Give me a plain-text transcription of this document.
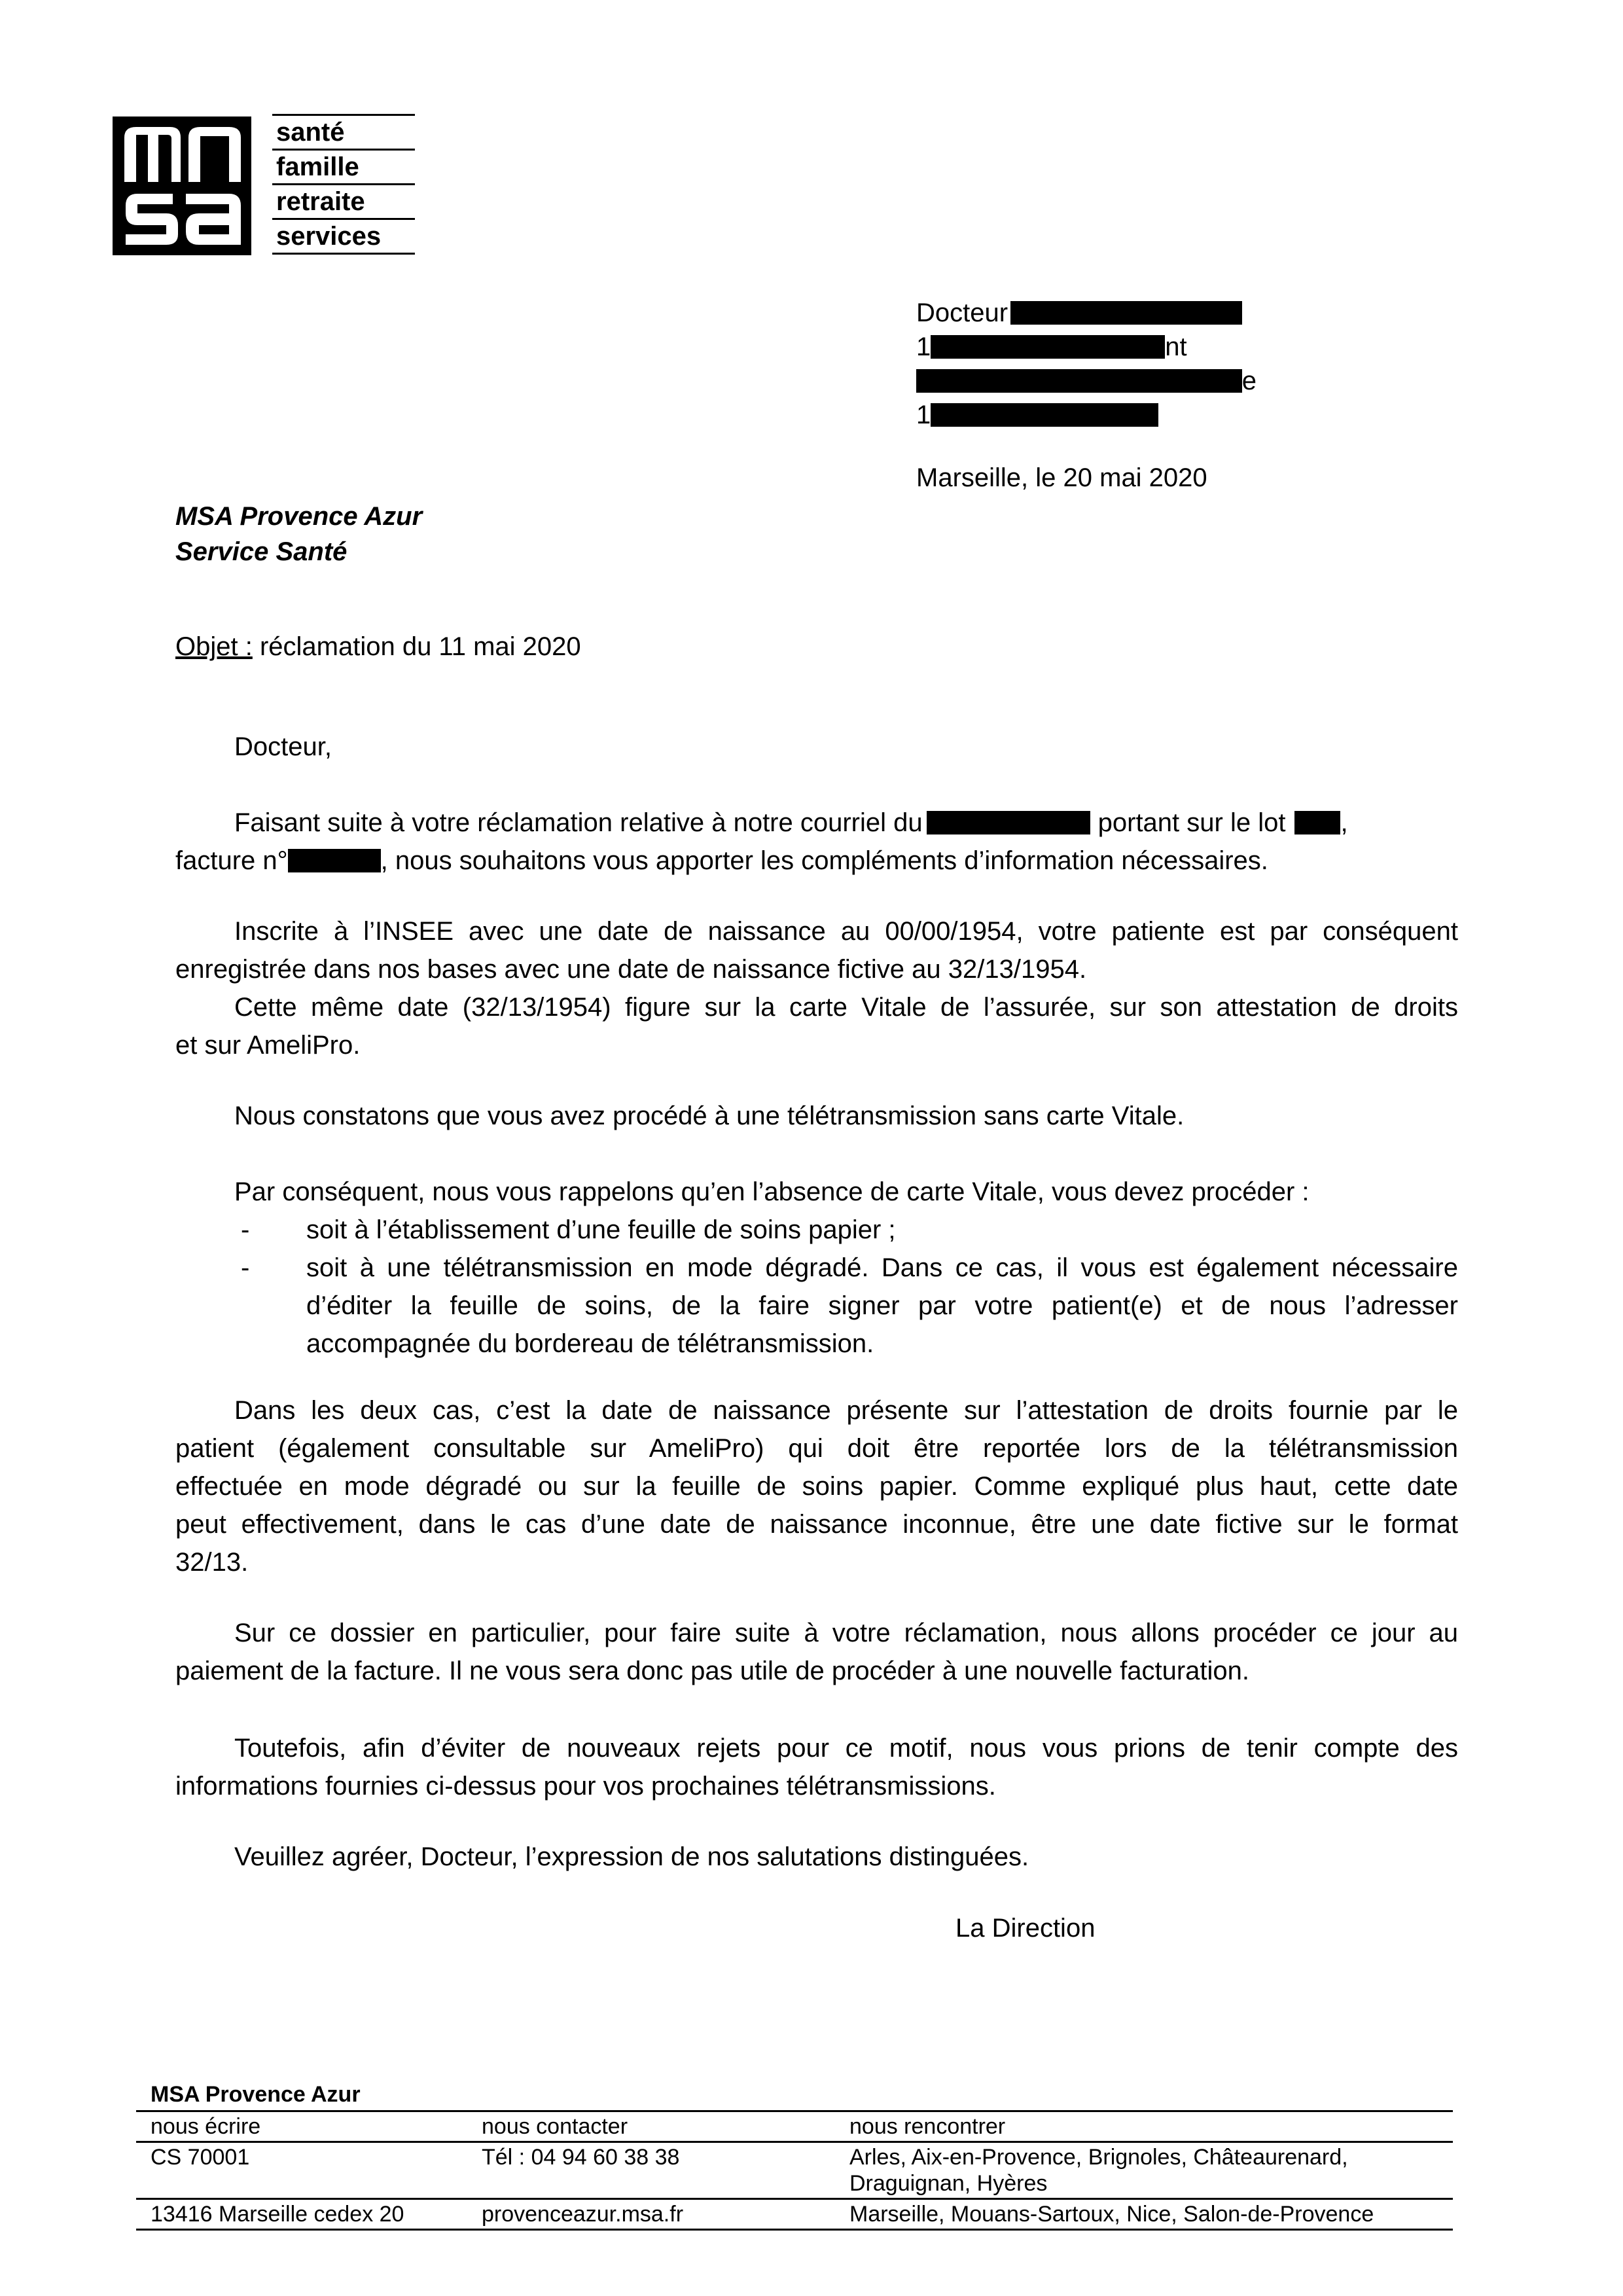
santé
famille
retraite
services
Docteur
1	nt
e
1
Marseille, le 20 mai 2020
MSA Provence Azur
Service Santé
Objet : réclamation du 11 mai 2020
Docteur,
Faisant suite à votre réclamation relative à notre courriel du	portant sur le lot ,
facture n°	, nous souhaitons vous apporter les compléments d’information nécessaires.
Inscrite à l’INSEE avec une date de naissance au 00/00/1954, votre patiente est par conséquent
enregistrée dans nos bases avec une date de naissance fictive au 32/13/1954.
Cette même date (32/13/1954) figure sur la carte Vitale de l’assurée, sur son attestation de droits
et sur AmeliPro.
Nous constatons que vous avez procédé à une télétransmission sans carte Vitale.
Par conséquent, nous vous rappelons qu’en l’absence de carte Vitale, vous devez procéder :
-	soit à l’établissement d’une feuille de soins papier ;
-	soit à une télétransmission en mode dégradé. Dans ce cas, il vous est également nécessaire
d’éditer la feuille de soins, de la faire signer par votre patient(e) et de nous l’adresser
accompagnée du bordereau de télétransmission.
Dans les deux cas, c’est la date de naissance présente sur l’attestation de droits fournie par le
patient (également consultable sur AmeliPro) qui doit être reportée lors de la télétransmission
effectuée en mode dégradé ou sur la feuille de soins papier. Comme expliqué plus haut, cette date
peut effectivement, dans le cas d’une date de naissance inconnue, être une date fictive sur le format
32/13.
Sur ce dossier en particulier, pour faire suite à votre réclamation, nous allons procéder ce jour au
paiement de la facture. Il ne vous sera donc pas utile de procéder à une nouvelle facturation.
Toutefois, afin d’éviter de nouveaux rejets pour ce motif, nous vous prions de tenir compte des
informations fournies ci-dessus pour vos prochaines télétransmissions.
Veuillez agréer, Docteur, l’expression de nos salutations distinguées.
La Direction
MSA Provence Azur
nous écrire	nous contacter	nous rencontrer
CS 70001	Tél : 04 94 60 38 38	Arles, Aix-en-Provence, Brignoles, Châteaurenard,
Draguignan, Hyères
13416 Marseille cedex 20	provenceazur.msa.fr	Marseille, Mouans-Sartoux, Nice, Salon-de-Provence
